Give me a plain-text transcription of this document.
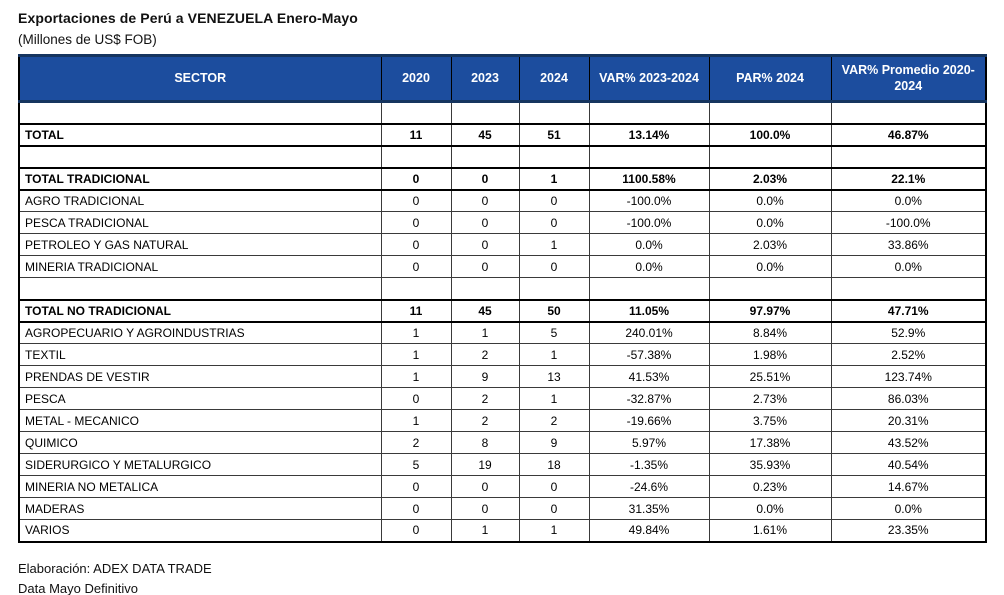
Exportaciones de Perú a VENEZUELA Enero-Mayo
(Millones de US$ FOB)
SECTOR	2020	2023	2024	VAR% 2023-2024	PAR% 2024	VAR% Promedio 2020-2024

TOTAL	11	45	51	13.14%	100.0%	46.87%

TOTAL TRADICIONAL	0	0	1	1100.58%	2.03%	22.1%
AGRO TRADICIONAL	0	0	0	-100.0%	0.0%	0.0%
PESCA TRADICIONAL	0	0	0	-100.0%	0.0%	-100.0%
PETROLEO Y GAS NATURAL	0	0	1	0.0%	2.03%	33.86%
MINERIA TRADICIONAL	0	0	0	0.0%	0.0%	0.0%

TOTAL NO TRADICIONAL	11	45	50	11.05%	97.97%	47.71%
AGROPECUARIO Y AGROINDUSTRIAS	1	1	5	240.01%	8.84%	52.9%
TEXTIL	1	2	1	-57.38%	1.98%	2.52%
PRENDAS DE VESTIR	1	9	13	41.53%	25.51%	123.74%
PESCA	0	2	1	-32.87%	2.73%	86.03%
METAL - MECANICO	1	2	2	-19.66%	3.75%	20.31%
QUIMICO	2	8	9	5.97%	17.38%	43.52%
SIDERURGICO Y METALURGICO	5	19	18	-1.35%	35.93%	40.54%
MINERIA NO METALICA	0	0	0	-24.6%	0.23%	14.67%
MADERAS	0	0	0	31.35%	0.0%	0.0%
VARIOS	0	1	1	49.84%	1.61%	23.35%
Elaboración: ADEX DATA TRADE
Data Mayo Definitivo
